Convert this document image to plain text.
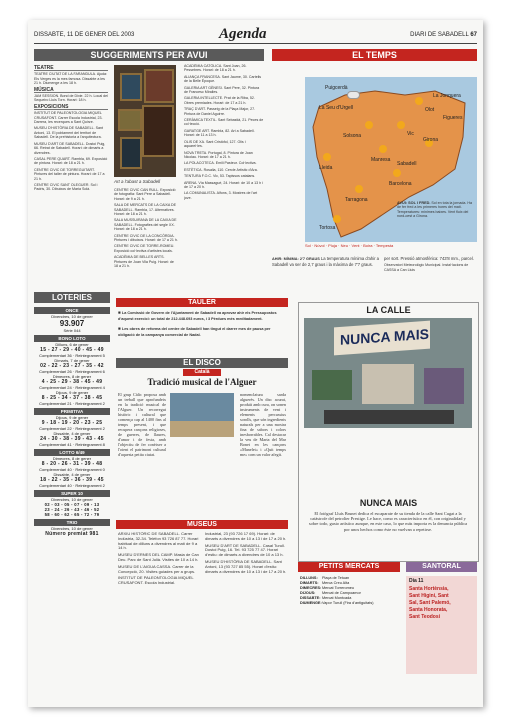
DISSABTE, 11 DE GENER DEL 2003	Agenda	DIARI DE SABADELL 67
SUGGERIMENTS PER AVUI
TEATRE
TEATRE CIUTAT DE LA FARANDULA. Ajuda: Els Verges es la mes famosa. Dissabte a les 21 h. Diumenge a les 18 h.
MÚSICA
JAM SESSION. Bond de Dixie. 22 h. Local del Sequeiro Lluis Torn. Horari: 18 h.
EXPOSICIONS
INSTITUT DE PALEONTOLOGIA MIQUEL CRUSAFONT. Carrer Escola Industrial, 23. Darrera, les recerques a Sant Quirze.
MUSEU D'HISTÒRIA DE SABADELL. Sant Antoni, 13. El poblament del territori de Sabadell. De la prehistoria a l'arquitectura.
MUSEU D'ART DE SABADELL. Dostoi Puig, 66. Retrat de Sabadell. Horari: de dimarts a divendres.
CASAL PERE QUART. Rambla, 69. Exposició de pintura. Horari: de 18 a 21 h.
CENTRE CIVIC DE TORREGUITART. Pintures del taller de pintura. Horari: de 17 a 21 h.
CENTRE CIVIC SANT OLEGUER. Sol i Padris, 30. Dibuixos de Maria Solà.
Art a l'abast a Sabadell
CENTRE CIVIC CAN RULL. Exposició de fotografia: Sant Pere a Sabadell. Horari: de 9 a 21 h.
SALA DE MERCATS DE LA CAIXA DE SABADELL. Rambla, 17. Alternatives. Horari: de 18 a 21 h.
SALA MUSSUIRANA DE LA CAIXA DE SABADELL. Fotografies del segle XX. Horari: de 18 a 21 h.
CENTRE CIVIC DE LA CONCÒRDIA. Pintures i dibuixos. Horari: de 17 a 21 h.
CENTRE CIVIC DE TORRE-ROMEU. Exposició col·lectiva d'artistes locals.
ACADÈMIA DE BELLES ARTS. Pintures de Joan Vila Puig. Horari: de 18 a 21 h.
ACADÈMIA CATÒLICA. Sant Joan, 26. Pessebres. Horari: de 18 a 21 h.
ALIANÇA FRANCESA. Sant Jaume, 30. Cartells de la Belle Époque.
GALERIA ART GÈNESI. Sant Pere, 32. Pintura de Francesc Miralles.
GALERIA INTELLECTE. Prat de la Riba, 52. Obres premiades. Horari: de 17 a 21 h.
TRAÇ D'ART. Passeig de la Plaça Major, 27. Pintura de Daniel Aguirre.
CERÀMICA TEXTIL. Sant Sebastià, 21. Peces de col·lecció.
GARATGE ART. Rambla, 82. Art a Sabadell. Horari: de 11 a 13 h.
OLIS DE XA. Sant Cristòfol, 127. Olis i aquarel·les.
NOVA TRETA. Portugal, 8. Pintura de Joan Nicolau. Horari: de 17 a 21 h.
LA POLACOTECA. Emili Pasteur. Col·lectiva.
ESTÈTICA. Rosalia, 110. Cercle Artístic d'Ara.
TENTURA F.O.C. Vic, 53. Tapissos catalans.
ARENA. Vía Massaguè, 24. Horari: de 10 a 13 h i de 17 a 20 h.
LA COMUNALISTA. Alfons, 3. Mostres de l'art jove.
EL TEMPS
Puigcerdà
La Seu d'Urgell	Olot
Girona
La Jonquera
Figueres
Vic
Lleida
Solsona
Manresa
Sabadell
Barcelona
Tarragona
Tortosa
AVUI: SOL I FRED. Sol en tota la jornada. Ha de fer fred a les primeres hores del matí. Temperatures: mínimes baixes. Vent fluix del nord-oest a Girona.
Sol · Núvol · Pluja · Neu · Vent · Boira · Tempesta
AHIR: MÍNIMA: 2'7 GRAUS La temperatura mínima d'ahir a Sabadell va ser de 2,7 graus i la màxima de 7'7 graus.
per sort. Pressió atmosfèrica: 743'8 mm., parcel.
Observatori Meteorològic Municipal. Instal·lacions de CASSA a Can Lluis
LOTERIES
ONCE
Divendres, 10 de gener
93.907
Sèrie 044
BONO LOTO
Dilluns, 6 de gener
15 - 27 - 29 - 40 - 45 - 49
Complementari 36 · Reintegrament 5
Dimarts, 7 de gener
02 - 22 - 23 - 27 - 35 - 42
Complementari 26 · Reintegrament 6
Dimecres, 8 de gener
4 - 25 - 29 - 38 - 45 - 49
Complementari 24 · Reintegrament 4
Dijous, 9 de gener
8 - 25 - 34 - 37 - 38 - 45
Complementari 21 · Reintegrament 2
PRIMITIVA
Dijous, 9 de gener
9 - 18 - 19 - 20 - 23 - 25
Complementari 22 · Reintegrament 2
Dissabte, 4 de gener
24 - 30 - 38 - 39 - 43 - 45
Complementari 41 · Reintegrament 8
LOTTO 6/49
Dimecres, 8 de gener
8 - 20 - 26 - 31 - 39 - 48
Complementari 40 · Reintegrament 0
Dissabte, 4 de gener
18 - 22 - 35 - 36 - 39 - 45
Complementari 40 · Reintegrament 2
SUPER 10
Divendres, 10 de gener
02 - 03 - 05 - 07 - 09 - 13
23 - 24 - 26 - 43 - 46 - 52
58 - 60 - 62 - 65 - 72 - 79
TRIO
Divendres, 10 de gener
Número premiat 981
TAULER
■ La Comissió de Govern de l'Ajuntament de Sabadell va aprovar ahir els Pressupostos d'aquest exercici: un total de 212.448.693 euros, i 3 Pèrdues més meditadament.
■ Les obres de reforma del centre de Sabadell han tingut el darrer mes de pausa per obligació de la campanya comercial de Nadal.
EL DISCO
Català
Tradició musical de l'Alguer
El grup Càlic proposa amb un treball que aprofundeix en la tradició musical de l'Alguer. Un recorregut històric i cultural que comença cap al 1400 fins al temps present, i que recupera cançons religioses, de guerres, de llaures, d'amor i de festa, amb l'objectiu de fer conèixer a l'oient el patrimoni cultural d'aquesta petita ciutat.
nomenclatura sarda alguerès. Un disc acurat, produït amb cura, on sonen instruments de vent i elements percussius sorolls, que són ingredients naturals per a una mostra fina de sabors i colors inesborrables. Cal destacar la veu de Marta del Mar Bonet en les cançons «Manelet» i «Quit temps me» com un valor afegit.
MUSEUS
ARXIU HISTÒRIC DE SABADELL. Carrer Indústria, 32-34. Telèfon 93 726 87 77. Horari habitual de dilluns a divendres al matí de 9 a 14 h.
MUSEU D'ERNES DEL CAMP. Masia de Can Deu. Parc de Sant Julià. Visites de 10 a 14 h.
MUSEU DE L'AIGUA CASSA. Carrer de la Concepció, 20. Visites guiades per a grups.
INSTITUT DE PALEONTOLOGIA MIQUEL CRUSAFONT. Escola Industrial.
Industrial, 23 (93 726 17 69). Horari: de dimarts a divendres de 10 a 13 i de 17 a 20 h.
MUSEU D'ART DE SABADELL. Casal Turull. Dostoi Puig, 16. Tel. 93 725 77 47. Horari d'estiu: de dimarts a divendres de 10 a 13 h.
MUSEU D'HISTÒRIA DE SABADELL. Sant Antoni, 13 (93 727 85 55). Horari d'estiu: dimarts a divendres de 10 a 13 i de 17 a 20 h.
LA CALLE
NUNCA MAIS
NUNCA MAIS
El fotògraf Lluís Brunet dedica el escaparate de su tienda de la calle Sant Cugat a la catàstrofe del petrolier Prestige. Le hace, como es característico en él, con originalidad y sobre todo, gusto artístico aunque, en este caso, lo que más importa es la denuncia pública por unos hechos como éste no vuelvan a repetirse.
PETITS MERCATS
DILLUNS: Plaça de Tetuan
DIMARTS: Merca Creu Alta
DIMECRES:Mercat Torreromeu
DIJOUS: Mercat de Campoamor
DISSABTE: Mercat Montcada
DIUMENGE:Vapor Turull (Fira d'antiguitats)
SANTORAL
Dia 11
Santa Hortènsia,
Sant Higini, Sant
Sal, Sant Palemó,
Santa Honorata,
Sant Teodosi
